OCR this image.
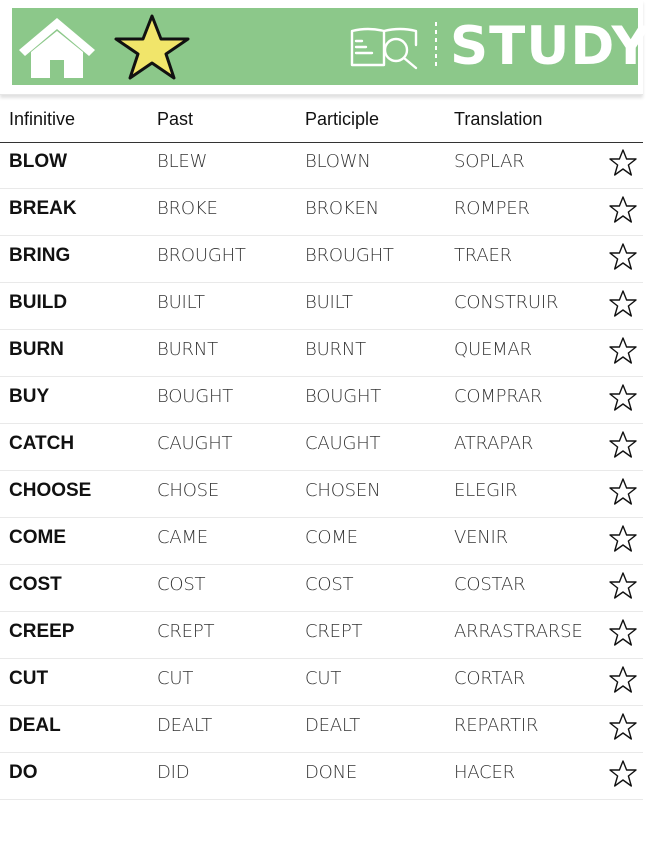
STUDY
Infinitive	Past	Participle	Translation
BLOW	BLEW	BLOWN	SOPLAR
BREAK	BROKE	BROKEN	ROMPER
BRING	BROUGHT	BROUGHT	TRAER
BUILD	BUILT	BUILT	CONSTRUIR
BURN	BURNT	BURNT	QUEMAR
BUY	BOUGHT	BOUGHT	COMPRAR
CATCH	CAUGHT	CAUGHT	ATRAPAR
CHOOSE	CHOSE	CHOSEN	ELEGIR
COME	CAME	COME	VENIR
COST	COST	COST	COSTAR
CREEP	CREPT	CREPT	ARRASTRARSE
CUT	CUT	CUT	CORTAR
DEAL	DEALT	DEALT	REPARTIR
DO	DID	DONE	HACER
